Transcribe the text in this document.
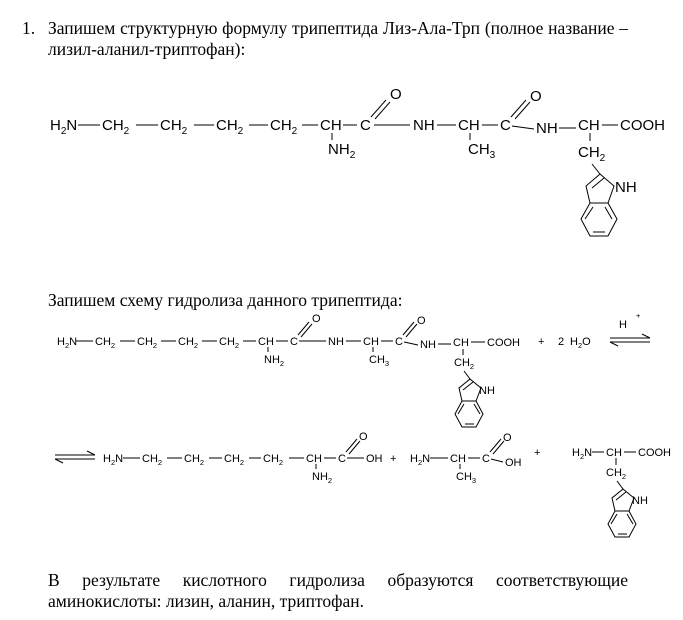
1. Запишем структурную формулу трипептида Лиз-Ала-Трп (полное название – лизил-аланил-триптофан):
Запишем схему гидролиза данного трипептида:
В результате кислотного гидролиза образуются соответствующие аминокислоты: лизин, аланин, триптофан.
$H_2N$ $CH_2$ $CH_2$ $CH_2$ $CH_2$ CH
$NH_2$
C
O
NH CH
$CH_3$
C
O
NH CH COOH
$CH_2$
NH
$H_2N$ $CH_2$ $CH_2$ $CH_2$ $CH_2$ CH
$NH_2$
C
O
NH CH
$CH_3$
C
O
NH CH COOH
$CH_2$
NH
+ 2 $H_2O$
H
+
$H_2N$ $CH_2$ $CH_2$ $CH_2$ $CH_2$ CH
$NH_2$
C
O
OH + $H_2N$ CH
$CH_3$
C
O
OH
+	$H_2N$ CH COOH
$CH_2$
NH
